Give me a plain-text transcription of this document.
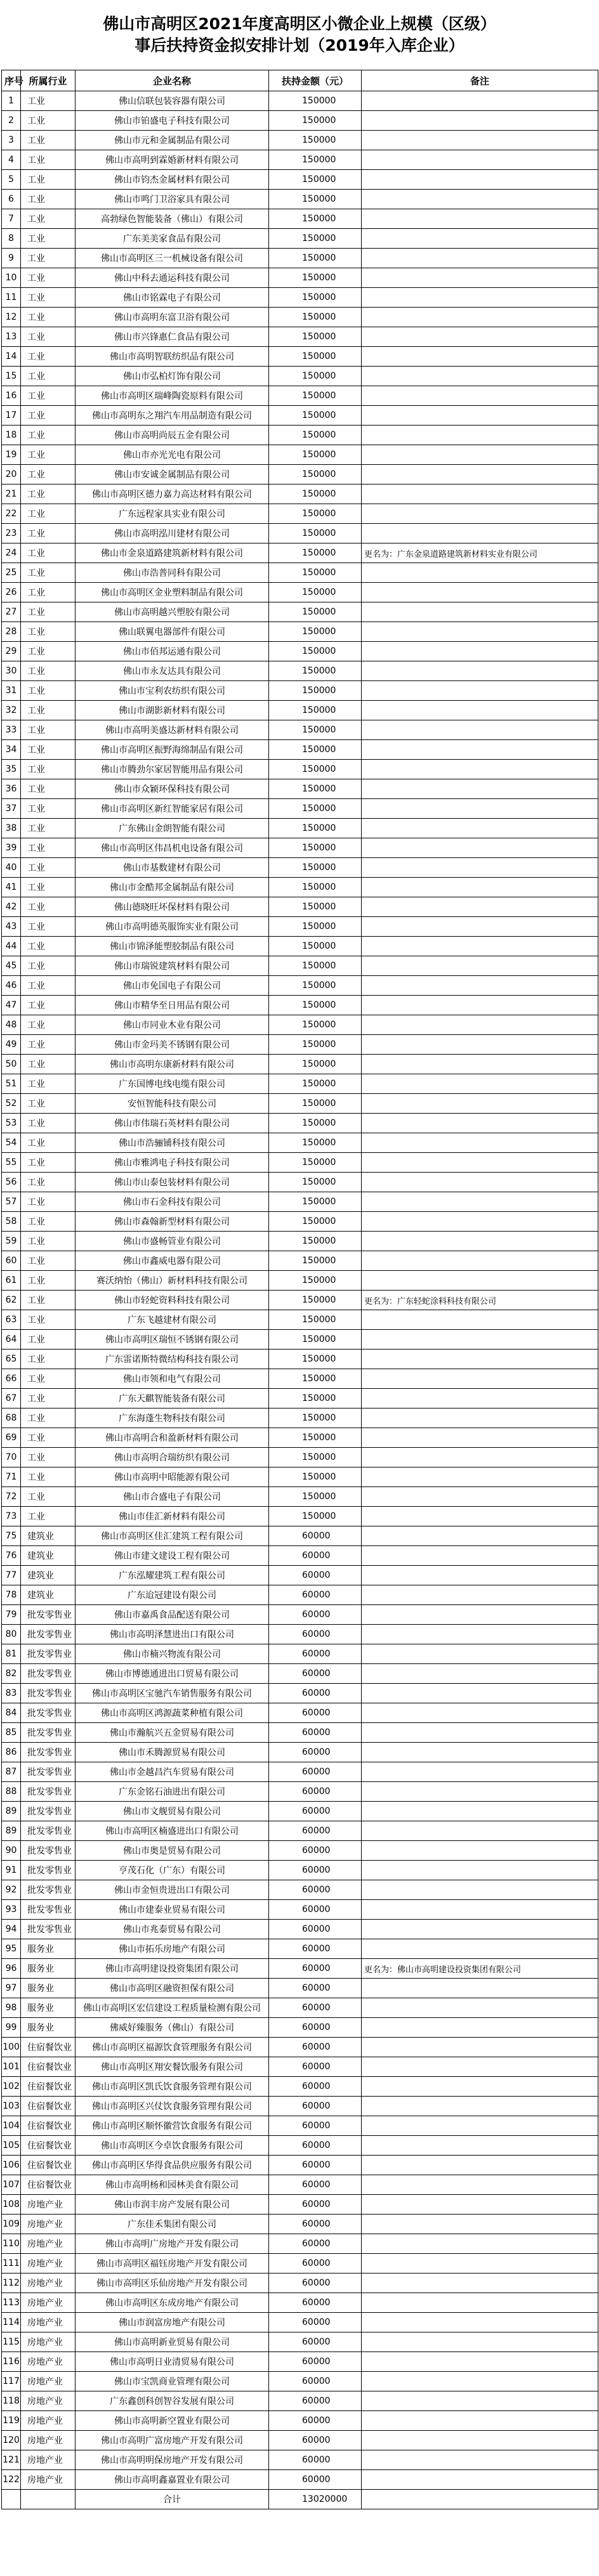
佛山市高明区2021年度高明区小微企业上规模（区级）
事后扶持资金拟安排计划（2019年入库企业）
序号	所属行业	企业名称	扶持金额（元）	备注
1	工业	佛山信联包装容器有限公司	150000	
2	工业	佛山市铂盛电子科技有限公司	150000	
3	工业	佛山市元和金属制品有限公司	150000	
4	工业	佛山市高明到霖婚新材料有限公司	150000	
5	工业	佛山市钧杰金属材料有限公司	150000	
6	工业	佛山市鸣门卫浴家具有限公司	150000	
7	工业	高勃绿色智能装备（佛山）有限公司	150000	
8	工业	广东美美家食品有限公司	150000	
9	工业	佛山市高明区三一机械设备有限公司	150000	
10	工业	佛山中科去通运科技有限公司	150000	
11	工业	佛山市铭霖电子有限公司	150000	
12	工业	佛山市高明东富卫浴有限公司	150000	
13	工业	佛山市兴锋惠仁食品有限公司	150000	
14	工业	佛山市高明智联纺织品有限公司	150000	
15	工业	佛山市弘柏灯饰有限公司	150000	
16	工业	佛山市高明区瑞峰陶瓷原料有限公司	150000	
17	工业	佛山市高明东之翔汽车用品制造有限公司	150000	
18	工业	佛山市高明尚辰五金有限公司	150000	
19	工业	佛山市亦光光电有限公司	150000	
20	工业	佛山市安诚金属制品有限公司	150000	
21	工业	佛山市高明区德力嘉力高达材料有限公司	150000	
22	工业	广东远程家具实业有限公司	150000	
23	工业	佛山市高明泓川建材有限公司	150000	
24	工业	佛山市金泉道路建筑新材料有限公司	150000	更名为：广东金泉道路建筑新材料实业有限公司
25	工业	佛山市浩普同科有限公司	150000	
26	工业	佛山市高明区金业塑料制品有限公司	150000	
27	工业	佛山市高明越兴塑胶有限公司	150000	
28	工业	佛山联翼电器部件有限公司	150000	
29	工业	佛山市佰邦运通有限公司	150000	
30	工业	佛山市永友达具有限公司	150000	
31	工业	佛山市宝利农纺织有限公司	150000	
32	工业	佛山市湖影新材料有限公司	150000	
33	工业	佛山市高明美盛达新材料有限公司	150000	
34	工业	佛山市高明区振野海绵制品有限公司	150000	
35	工业	佛山市腾劲尔家居智能用品有限公司	150000	
36	工业	佛山市众颖环保科技有限公司	150000	
37	工业	佛山市高明区新红智能家居有限公司	150000	
38	工业	广东佛山金朗智能有限公司	150000	
39	工业	佛山市高明区伟昌机电设备有限公司	150000	
40	工业	佛山市基数建材有限公司	150000	
41	工业	佛山市金酷邦金属制品有限公司	150000	
42	工业	佛山德晓旺坏保材料有限公司	150000	
43	工业	佛山市高明德英服饰实业有限公司	150000	
44	工业	佛山市锦泽能塑胶制品有限公司	150000	
45	工业	佛山市瑞锐建筑材料有限公司	150000	
46	工业	佛山市免国电子有限公司	150000	
47	工业	佛山市精华至日用品有限公司	150000	
48	工业	佛山市同业木业有限公司	150000	
49	工业	佛山市金玛美不锈钢有限公司	150000	
50	工业	佛山市高明东康新材料有限公司	150000	
51	工业	广东国博电线电缆有限公司	150000	
52	工业	安恒智能科技有限公司	150000	
53	工业	佛山市伟瑞石英材料有限公司	150000	
54	工业	佛山市浩骊铺科技有限公司	150000	
55	工业	佛山市雅鸿电子科技有限公司	150000	
56	工业	佛山市山泰包装材料有限公司	150000	
57	工业	佛山市石金科技有限公司	150000	
58	工业	佛山市森翰新型材料有限公司	150000	
59	工业	佛山市盛畅管业有限公司	150000	
60	工业	佛山市鑫威电器有限公司	150000	
61	工业	赛沃纳怡（佛山）新材料科技有限公司	150000	
62	工业	佛山市轻蛇资料科技有限公司	150000	更名为：广东轻蛇涂料科技有限公司
63	工业	广东飞越建材有限公司	150000	
64	工业	佛山市高明区瑞恒不锈钢有限公司	150000	
65	工业	广东雷诺斯特微结构科技有限公司	150000	
66	工业	佛山市领和电气有限公司	150000	
67	工业	广东天麒智能装备有限公司	150000	
68	工业	广东海蓬生物科技有限公司	150000	
69	工业	佛山市高明合和盈新材料有限公司	150000	
70	工业	佛山市高明合瑞纺织有限公司	150000	
71	工业	佛山市高明中昭能源有限公司	150000	
72	工业	佛山市合盛电子有限公司	150000	
73	工业	佛山市佳汇新材料有限公司	150000	
75	建筑业	佛山市高明区佳汇建筑工程有限公司	60000	
76	建筑业	佛山市建文建设工程有限公司	60000	
77	建筑业	广东泓耀建筑工程有限公司	60000	
78	建筑业	广东迨冠建设有限公司	60000	
79	批发零售业	佛山市嘉禹食品配送有限公司	60000	
80	批发零售业	佛山市高明泽慧进出口有限公司	60000	
81	批发零售业	佛山市楠兴物流有限公司	60000	
82	批发零售业	佛山市博德通进出口贸易有限公司	60000	
83	批发零售业	佛山市高明区宝驰汽车销售服务有限公司	60000	
84	批发零售业	佛山市高明区鸿源蔬菜种植有限公司	60000	
85	批发零售业	佛山市瀚航兴五金贸易有限公司	60000	
86	批发零售业	佛山市禾腾源贸易有限公司	60000	
87	批发零售业	佛山市金越昌汽车贸易有限公司	60000	
88	批发零售业	广东金铭石油进出有限公司	60000	
89	批发零售业	佛山市文舰贸易有限公司	60000	
89	批发零售业	佛山市高明区楠盛进出口有限公司	60000	
90	批发零售业	佛山市奥是贸易有限公司	60000	
91	批发零售业	亨茂石化（广东）有限公司	60000	
92	批发零售业	佛山市金恒贵进出口有限公司	60000	
93	批发零售业	佛山市建泰业贸易有限公司	60000	
94	批发零售业	佛山市兆泰贸易有限公司	60000	
95	服务业	佛山市拓乐房地产有限公司	60000	
96	服务业	佛山市高明建设投资集团有限公司	60000	更名为：佛山市高明建设投资集团有限公司
97	服务业	佛山市高明区融资担保有限公司	60000	
98	服务业	佛山市高明区宏信建设工程质量检测有限公司	60000	
99	服务业	佛威好臻服务（佛山）有限公司	60000	
100	住宿餐饮业	佛山市高明区福源饮食管理服务有限公司	60000	
101	住宿餐饮业	佛山市高明区翔安餐饮服务有限公司	60000	
102	住宿餐饮业	佛山市高明区凯氏饮食服务管理有限公司	60000	
103	住宿餐饮业	佛山市高明区兴仗饮食服务管理有限公司	60000	
104	住宿餐饮业	佛山市高明区顺怀徽营饮食服务有限公司	60000	
105	住宿餐饮业	佛山市高明区今卓饮食服务有限公司	60000	
106	住宿餐饮业	佛山市高明区华得食品供应服务有限公司	60000	
107	住宿餐饮业	佛山市高明杨和园林美食有限公司	60000	
108	房地产业	佛山市润丰房产发展有限公司	60000	
109	房地产业	广东佳禾集团有限公司	60000	
110	房地产业	佛山市高明广房地产开发有限公司	60000	
111	房地产业	佛山市高明区福钰房地产开发有限公司	60000	
112	房地产业	佛山市高明区乐仙房地产开发有限公司	60000	
113	房地产业	佛山市高明区东成房地产有限公司	60000	
114	房地产业	佛山市润富房地产有限公司	60000	
115	房地产业	佛山市高明新业贸易有限公司	60000	
116	房地产业	佛山市高明日业清贸易有限公司	60000	
117	房地产业	佛山市宝凯商业管理有限公司	60000	
118	房地产业	广东鑫创科创智谷发展有限公司	60000	
119	房地产业	佛山市高明新空置业有限公司	60000	
120	房地产业	佛山市高明广富房地产开发有限公司	60000	
121	房地产业	佛山市高明明保房地产开发有限公司	60000	
122	房地产业	佛山市高明鑫嘉置业有限公司	60000	
		合计	13020000	
